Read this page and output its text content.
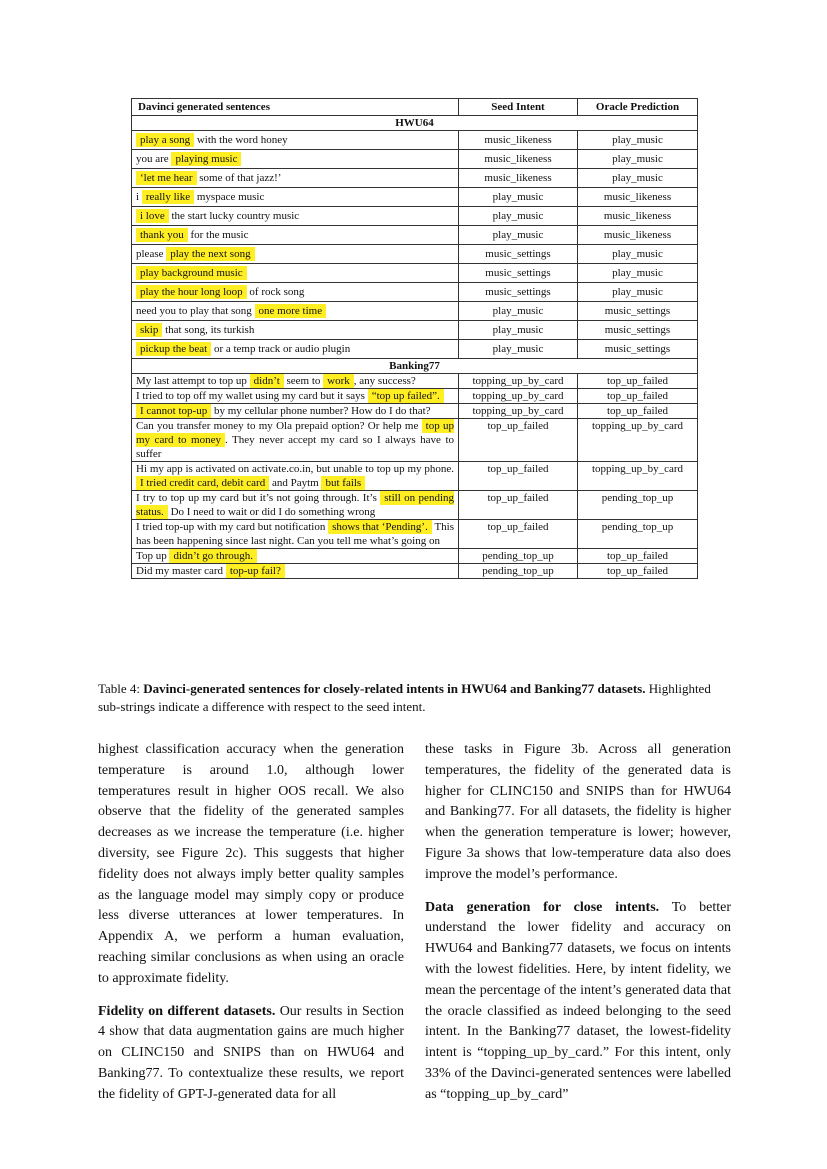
Davinci generated sentences	Seed Intent	Oracle Prediction
HWU64		
play a song with the word honey	music_likeness	play_music
you are playing music	music_likeness	play_music
‘let me hear some of that jazz!’	music_likeness	play_music
i really like myspace music	play_music	music_likeness
i love the start lucky country music	play_music	music_likeness
thank you for the music	play_music	music_likeness
please play the next song	music_settings	play_music
play background music	music_settings	play_music
play the hour long loop of rock song	music_settings	play_music
need you to play that song one more time	play_music	music_settings
skip that song, its turkish	play_music	music_settings
pickup the beat or a temp track or audio plugin	play_music	music_settings
Banking77		
My last attempt to top up didn’t seem to work , any success?	topping_up_by_card	top_up_failed
I tried to top off my wallet using my card but it says “top up failed”.	topping_up_by_card	top_up_failed
I cannot top-up by my cellular phone number? How do I do that?	topping_up_by_card	top_up_failed
Can you transfer money to my Ola prepaid option? Or help me top up my card to money . They never accept my card so I always have to suffer	top_up_failed	topping_up_by_card
Hi my app is activated on activate.co.in, but unable to top up my phone. I tried credit card, debit card and Paytm but fails	top_up_failed	topping_up_by_card
I try to top up my card but it’s not going through. It’s still on pending status. Do I need to wait or did I do something wrong	top_up_failed	pending_top_up
I tried top-up with my card but notification shows that ‘Pending’. This has been happening since last night. Can you tell me what’s going on	top_up_failed	pending_top_up
Top up didn’t go through.	pending_top_up	top_up_failed
Did my master card top-up fail?	pending_top_up	top_up_failed
Table 4: Davinci-generated sentences for closely-related intents in HWU64 and Banking77 datasets. Highlighted sub-strings indicate a difference with respect to the seed intent.

highest classification accuracy when the generation temperature is around 1.0, although lower temperatures result in higher OOS recall. We also observe that the fidelity of the generated samples decreases as we increase the temperature (i.e. higher diversity, see Figure 2c). This suggests that higher fidelity does not always imply better quality samples as the language model may simply copy or produce less diverse utterances at lower temperatures. In Appendix A, we perform a human evaluation, reaching similar conclusions as when using an oracle to approximate fidelity.

Fidelity on different datasets. Our results in Section 4 show that data augmentation gains are much higher on CLINC150 and SNIPS than on HWU64 and Banking77. To contextualize these results, we report the fidelity of GPT-J-generated data for all

these tasks in Figure 3b. Across all generation temperatures, the fidelity of the generated data is higher for CLINC150 and SNIPS than for HWU64 and Banking77. For all datasets, the fidelity is higher when the generation temperature is lower; however, Figure 3a shows that low-temperature data also does improve the model’s performance.

Data generation for close intents. To better understand the lower fidelity and accuracy on HWU64 and Banking77 datasets, we focus on intents with the lowest fidelities. Here, by intent fidelity, we mean the percentage of the intent’s generated data that the oracle classified as indeed belonging to the seed intent. In the Banking77 dataset, the lowest-fidelity intent is “topping_up_by_card.” For this intent, only 33% of the Davinci-generated sentences were labelled as “topping_up_by_card”
